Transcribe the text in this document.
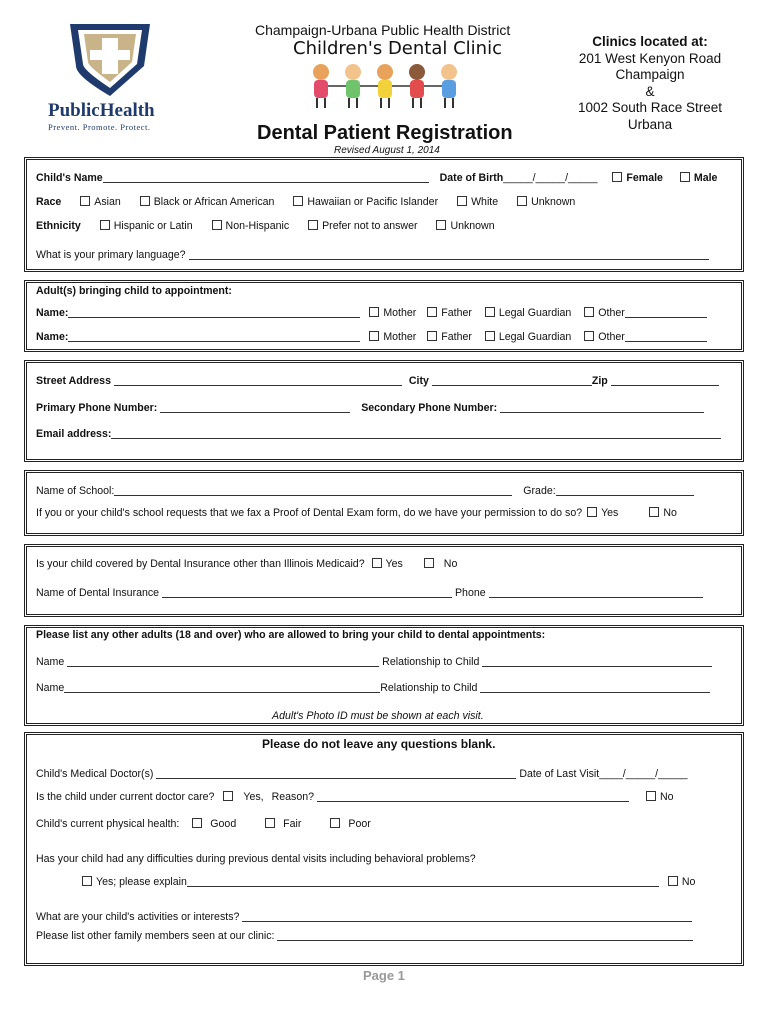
PublicHealth
Prevent. Promote. Protect.
Champaign-Urbana Public Health District
Children's Dental Clinic
Dental Patient Registration
Revised August 1, 2014
Clinics located at:
201 West Kenyon Road
Champaign
&
1002 South Race Street
Urbana
Child's Name	Date of Birth_____/_____/_____	Female	Male
Race	Asian	Black or African American	Hawaiian or Pacific Islander	White	Unknown
Ethnicity	Hispanic or Latin	Non-Hispanic	Prefer not to answer	Unknown
What is your primary language?
Adult(s) bringing child to appointment:
Name:	Mother Father	Legal Guardian	Other
Name:	Mother Father	Legal Guardian	Other
Street Address	City	Zip
Primary Phone Number:	Secondary Phone Number:
Email address:
Name of School:	Grade:
If you or your child's school requests that we fax a Proof of Dental Exam form, do we have your permission to do so? Yes	No
Is your child covered by Dental Insurance other than Illinois Medicaid? Yes	No
Name of Dental Insurance	Phone
Please list any other adults (18 and over) who are allowed to bring your child to dental appointments:
Name	Relationship to Child
Name	Relationship to Child
Adult's Photo ID must be shown at each visit.
Please do not leave any questions blank.
Child's Medical Doctor(s)	Date of Last Visit____/_____/_____
Is the child under current doctor care?	Yes, Reason?	No
Child's current physical health:	Good	Fair	Poor
Has your child had any difficulties during previous dental visits including behavioral problems?
Yes; please explain	No
What are your child's activities or interests?
Please list other family members seen at our clinic:
Page 1
